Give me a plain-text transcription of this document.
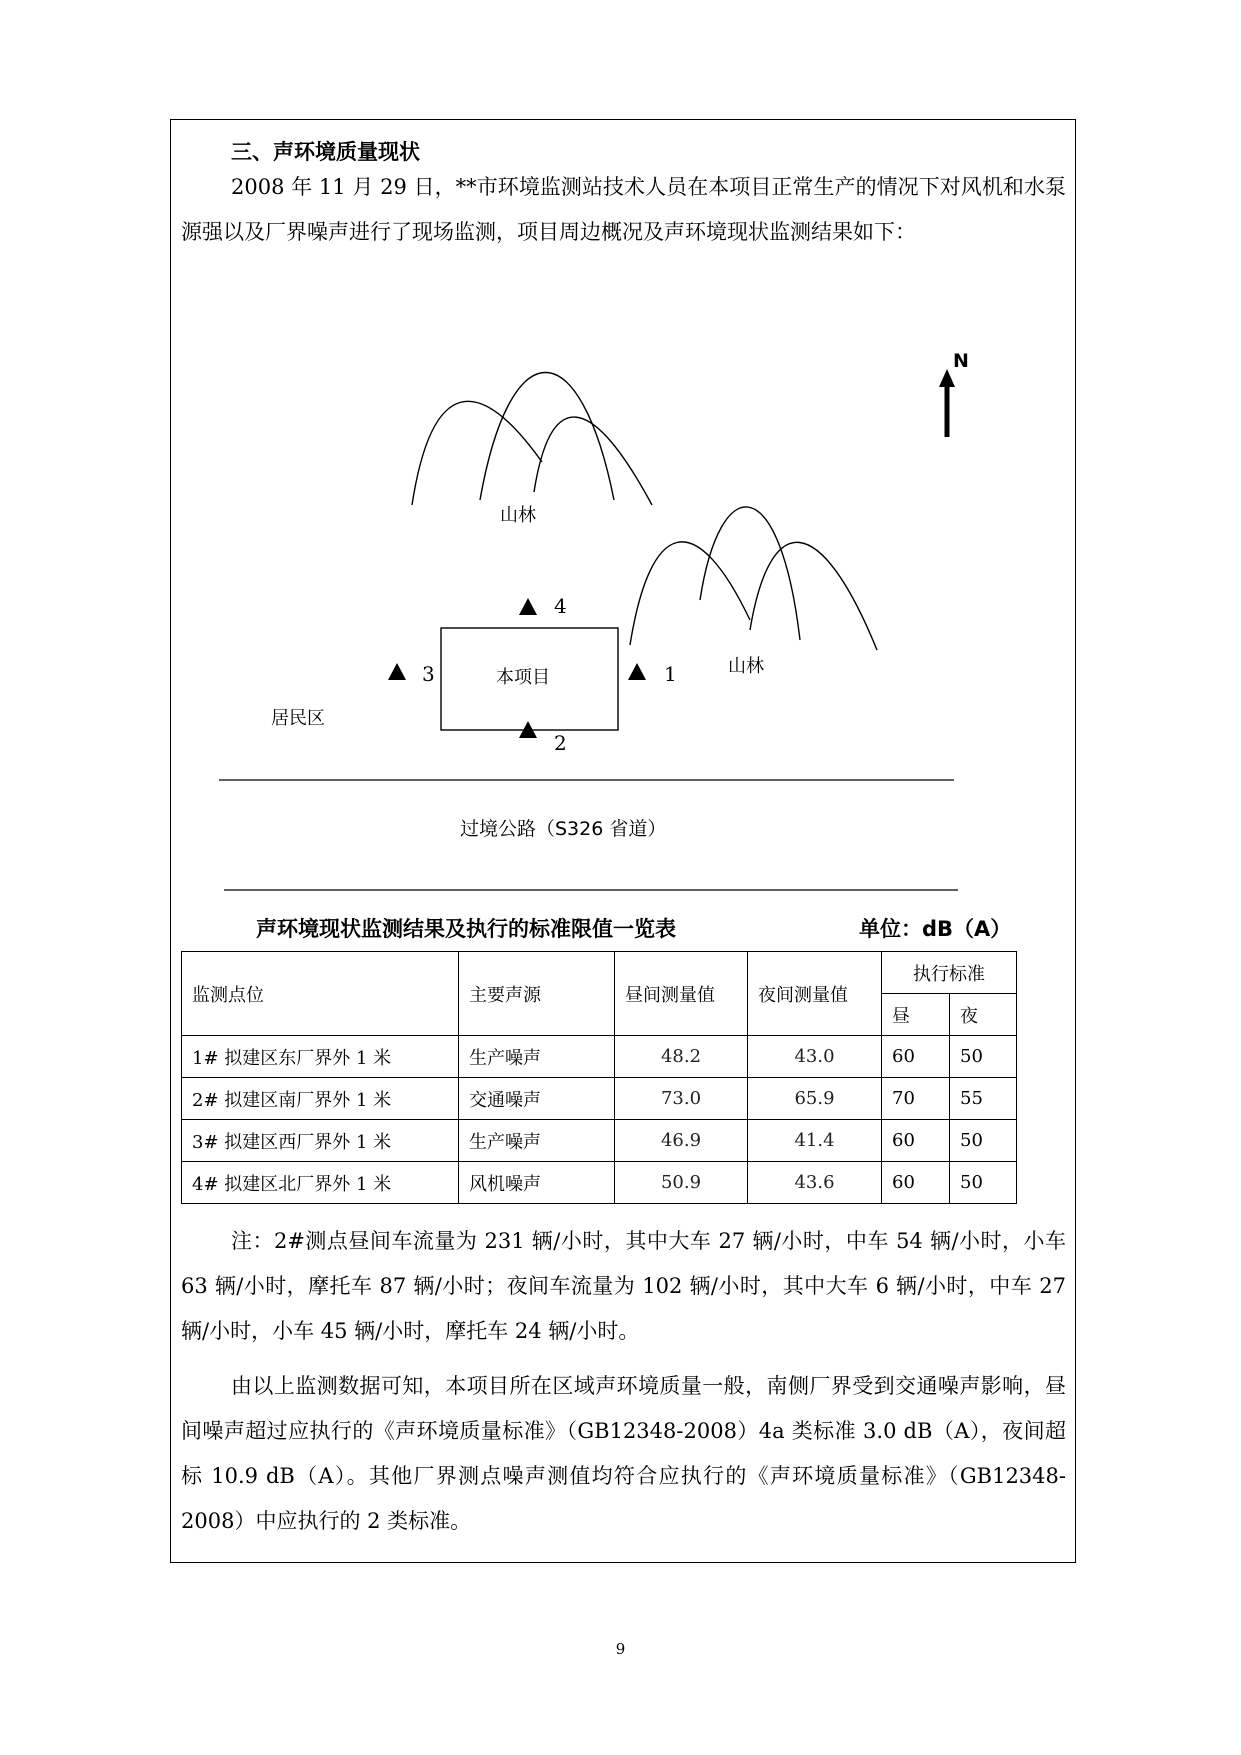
三、声环境质量现状

2008 年 11 月 29 日，**市环境监测站技术人员在本项目正常生产的情况下对风机和水泵源强以及厂界噪声进行了现场监测，项目周边概况及声环境现状监测结果如下：

山林
山林
N
本项目
4
3	1
2
居民区
过境公路（S326 省道）
声环境现状监测结果及执行的标准限值一览表	单位：dB（A）
监测点位	主要声源	昼间测量值	夜间测量值	执行标准	
				昼	夜
1# 拟建区东厂界外 1 米	生产噪声	48.2	43.0	60	50
2# 拟建区南厂界外 1 米	交通噪声	73.0	65.9	70	55
3# 拟建区西厂界外 1 米	生产噪声	46.9	41.4	60	50
4# 拟建区北厂界外 1 米	风机噪声	50.9	43.6	60	50

注：2#测点昼间车流量为 231 辆/小时，其中大车 27 辆/小时，中车 54 辆/小时，小车 63 辆/小时，摩托车 87 辆/小时；夜间车流量为 102 辆/小时，其中大车 6 辆/小时，中车 27 辆/小时，小车 45 辆/小时，摩托车 24 辆/小时。

由以上监测数据可知，本项目所在区域声环境质量一般，南侧厂界受到交通噪声影响，昼间噪声超过应执行的《声环境质量标准》（GB12348-2008）4a 类标准 3.0 dB（A），夜间超标 10.9 dB（A）。其他厂界测点噪声测值均符合应执行的《声环境质量标准》（GB12348-2008）中应执行的 2 类标准。

9
